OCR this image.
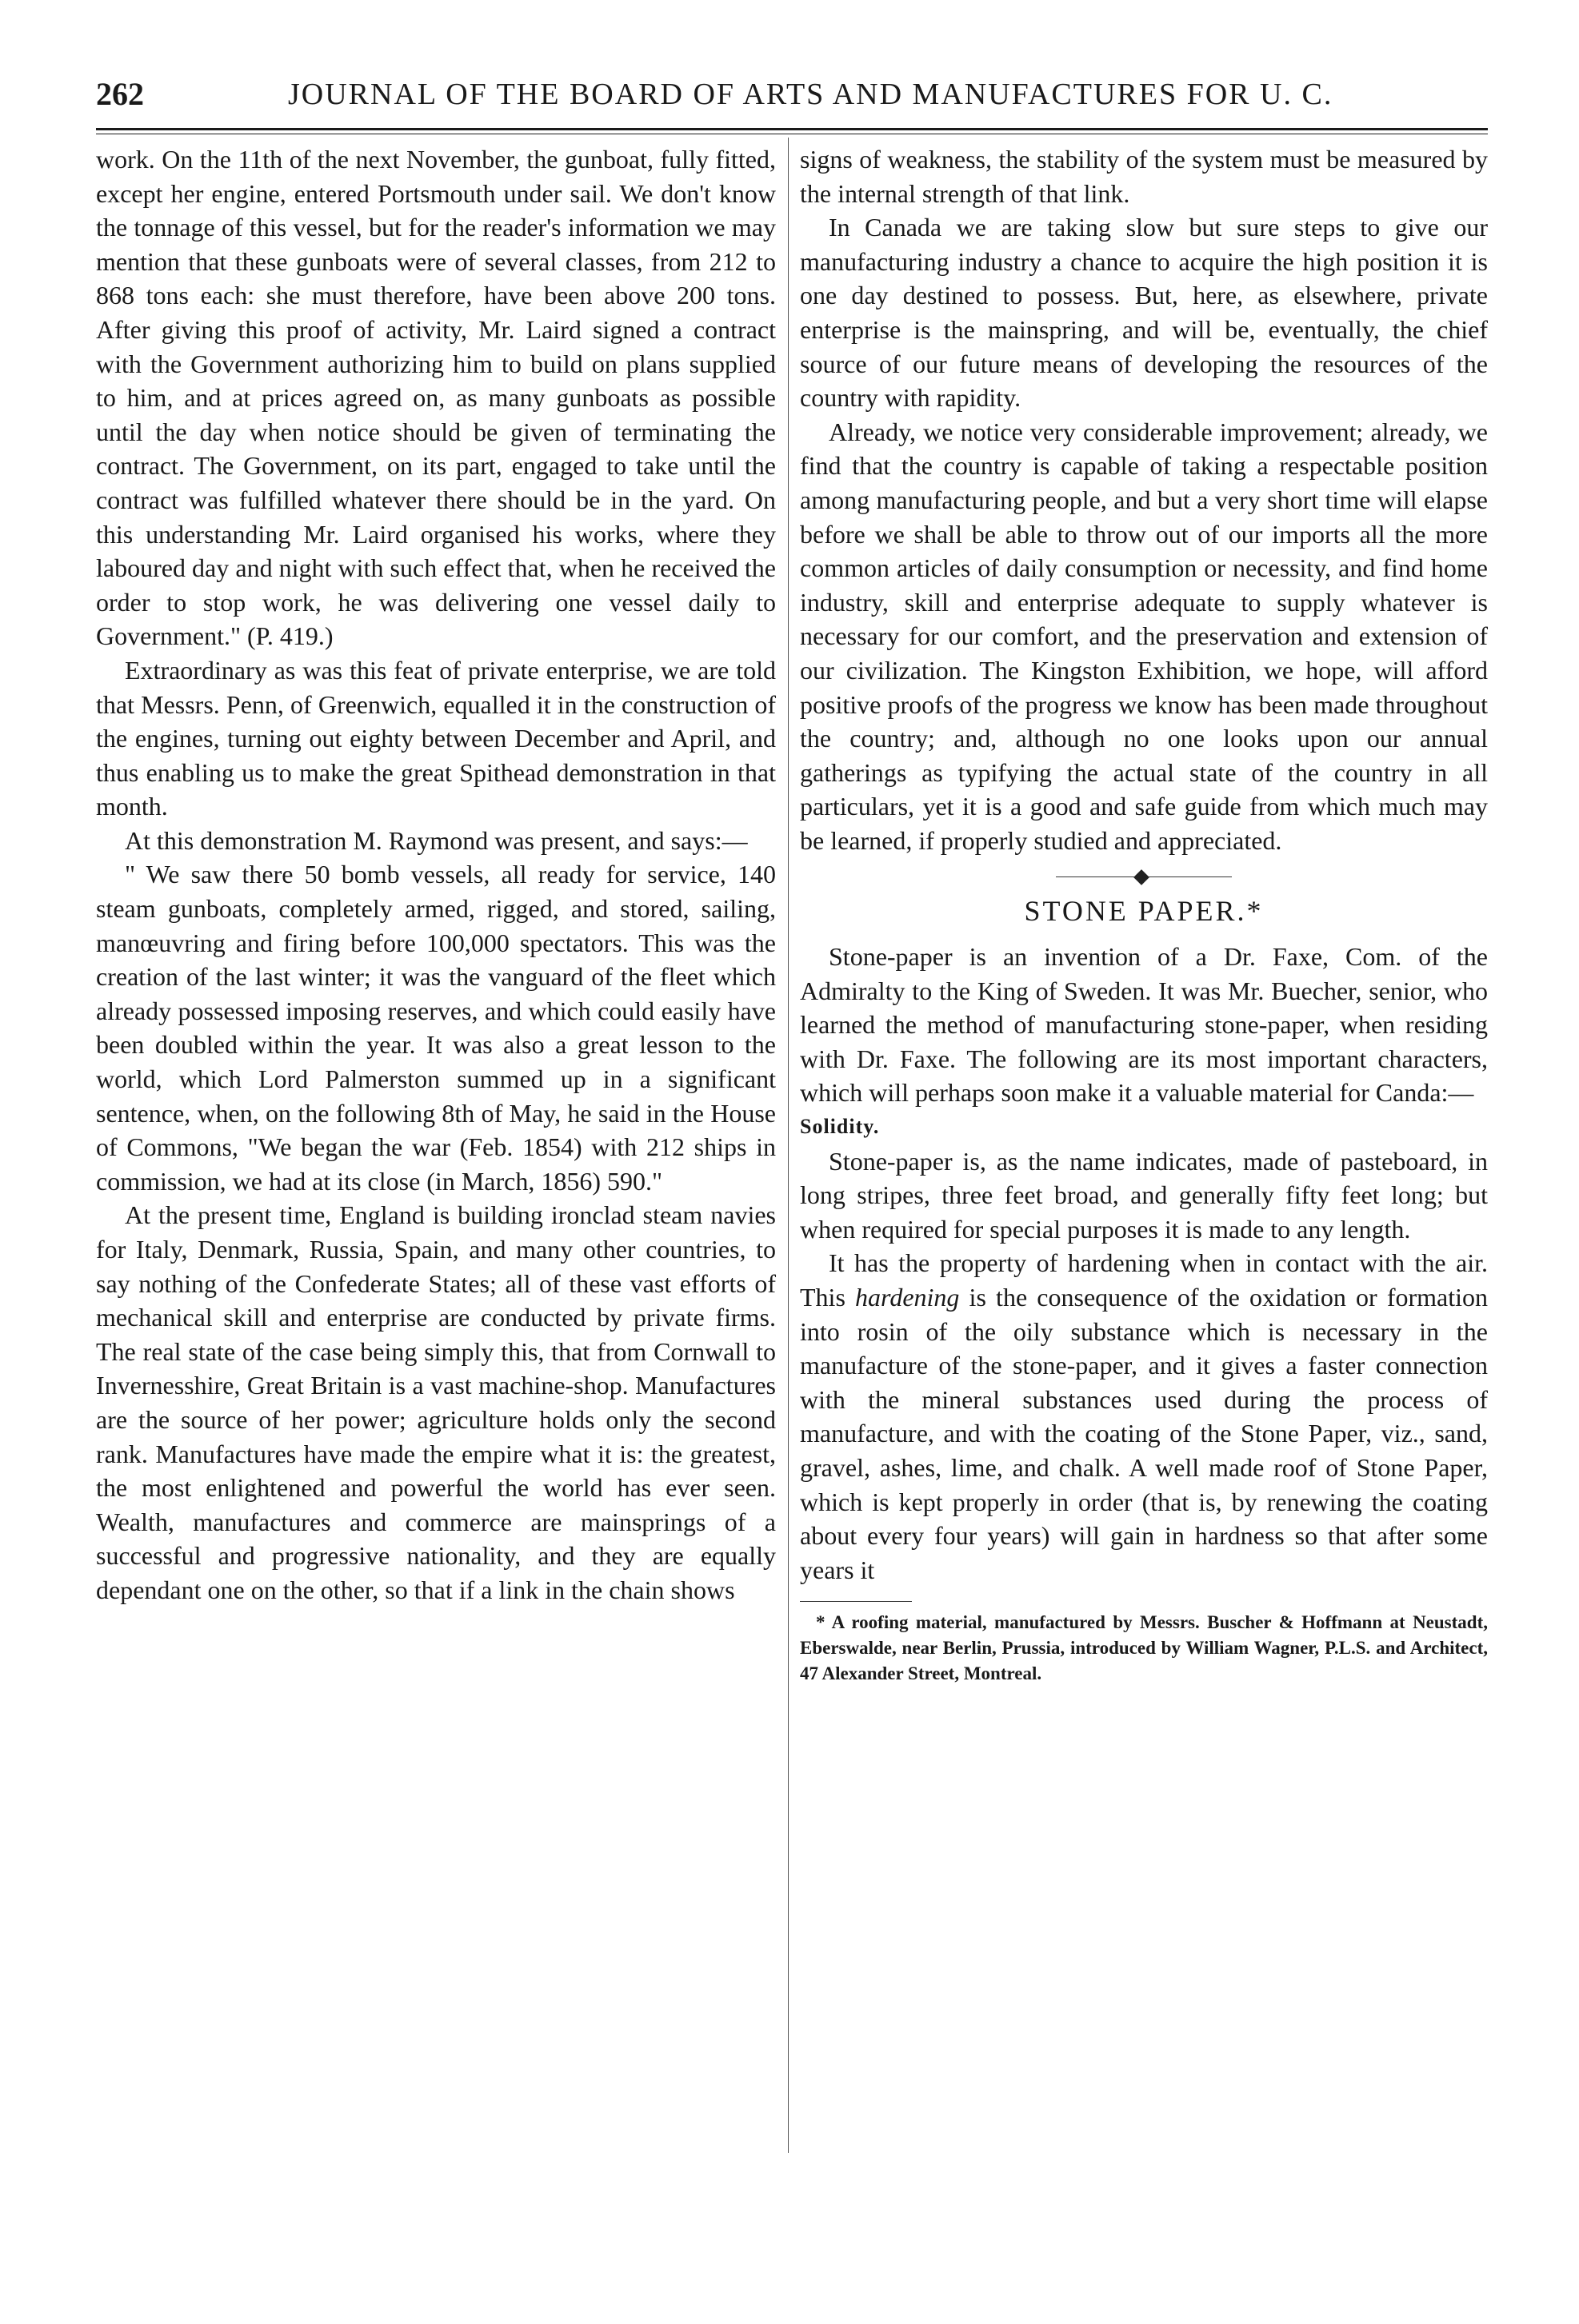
262	JOURNAL OF THE BOARD OF ARTS AND MANUFACTURES FOR U. C.

work. On the 11th of the next November, the gunboat, fully fitted, except her engine, entered Portsmouth under sail. We don't know the tonnage of this vessel, but for the reader's information we may mention that these gunboats were of several classes, from 212 to 868 tons each: she must therefore, have been above 200 tons. After giving this proof of activity, Mr. Laird signed a contract with the Government authorizing him to build on plans supplied to him, and at prices agreed on, as many gunboats as possible until the day when notice should be given of terminating the contract. The Government, on its part, engaged to take until the contract was fulfilled whatever there should be in the yard. On this understanding Mr. Laird organised his works, where they laboured day and night with such effect that, when he received the order to stop work, he was delivering one vessel daily to Government." (P. 419.)

Extraordinary as was this feat of private enterprise, we are told that Messrs. Penn, of Greenwich, equalled it in the construction of the engines, turning out eighty between December and April, and thus enabling us to make the great Spithead demonstration in that month.

At this demonstration M. Raymond was present, and says:—

" We saw there 50 bomb vessels, all ready for service, 140 steam gunboats, completely armed, rigged, and stored, sailing, manœuvring and firing before 100,000 spectators. This was the creation of the last winter; it was the vanguard of the fleet which already possessed imposing reserves, and which could easily have been doubled within the year. It was also a great lesson to the world, which Lord Palmerston summed up in a significant sentence, when, on the following 8th of May, he said in the House of Commons, "We began the war (Feb. 1854) with 212 ships in commission, we had at its close (in March, 1856) 590."

At the present time, England is building ironclad steam navies for Italy, Denmark, Russia, Spain, and many other countries, to say nothing of the Confederate States; all of these vast efforts of mechanical skill and enterprise are conducted by private firms. The real state of the case being simply this, that from Cornwall to Invernesshire, Great Britain is a vast machine-shop. Manufactures are the source of her power; agriculture holds only the second rank. Manufactures have made the empire what it is: the greatest, the most enlightened and powerful the world has ever seen. Wealth, manufactures and commerce are mainsprings of a successful and progressive nationality, and they are equally dependant one on the other, so that if a link in the chain shows

signs of weakness, the stability of the system must be measured by the internal strength of that link.

In Canada we are taking slow but sure steps to give our manufacturing industry a chance to acquire the high position it is one day destined to possess. But, here, as elsewhere, private enterprise is the mainspring, and will be, eventually, the chief source of our future means of developing the resources of the country with rapidity.

Already, we notice very considerable improvement; already, we find that the country is capable of taking a respectable position among manufacturing people, and but a very short time will elapse before we shall be able to throw out of our imports all the more common articles of daily consumption or necessity, and find home industry, skill and enterprise adequate to supply whatever is necessary for our comfort, and the preservation and extension of our civilization. The Kingston Exhibition, we hope, will afford positive proofs of the progress we know has been made throughout the country; and, although no one looks upon our annual gatherings as typifying the actual state of the country in all particulars, yet it is a good and safe guide from which much may be learned, if properly studied and appreciated.

STONE PAPER.*

Stone-paper is an invention of a Dr. Faxe, Com. of the Admiralty to the King of Sweden. It was Mr. Buecher, senior, who learned the method of manufacturing stone-paper, when residing with Dr. Faxe. The following are its most important characters, which will perhaps soon make it a valuable material for Canda:—

Solidity.

Stone-paper is, as the name indicates, made of pasteboard, in long stripes, three feet broad, and generally fifty feet long; but when required for special purposes it is made to any length.

It has the property of hardening when in contact with the air. This hardening is the consequence of the oxidation or formation into rosin of the oily substance which is necessary in the manufacture of the stone-paper, and it gives a faster connection with the mineral substances used during the process of manufacture, and with the coating of the Stone Paper, viz., sand, gravel, ashes, lime, and chalk. A well made roof of Stone Paper, which is kept properly in order (that is, by renewing the coating about every four years) will gain in hardness so that after some years it

* A roofing material, manufactured by Messrs. Buscher & Hoffmann at Neustadt, Eberswalde, near Berlin, Prussia, introduced by William Wagner, P.L.S. and Architect, 47 Alexander Street, Montreal.
